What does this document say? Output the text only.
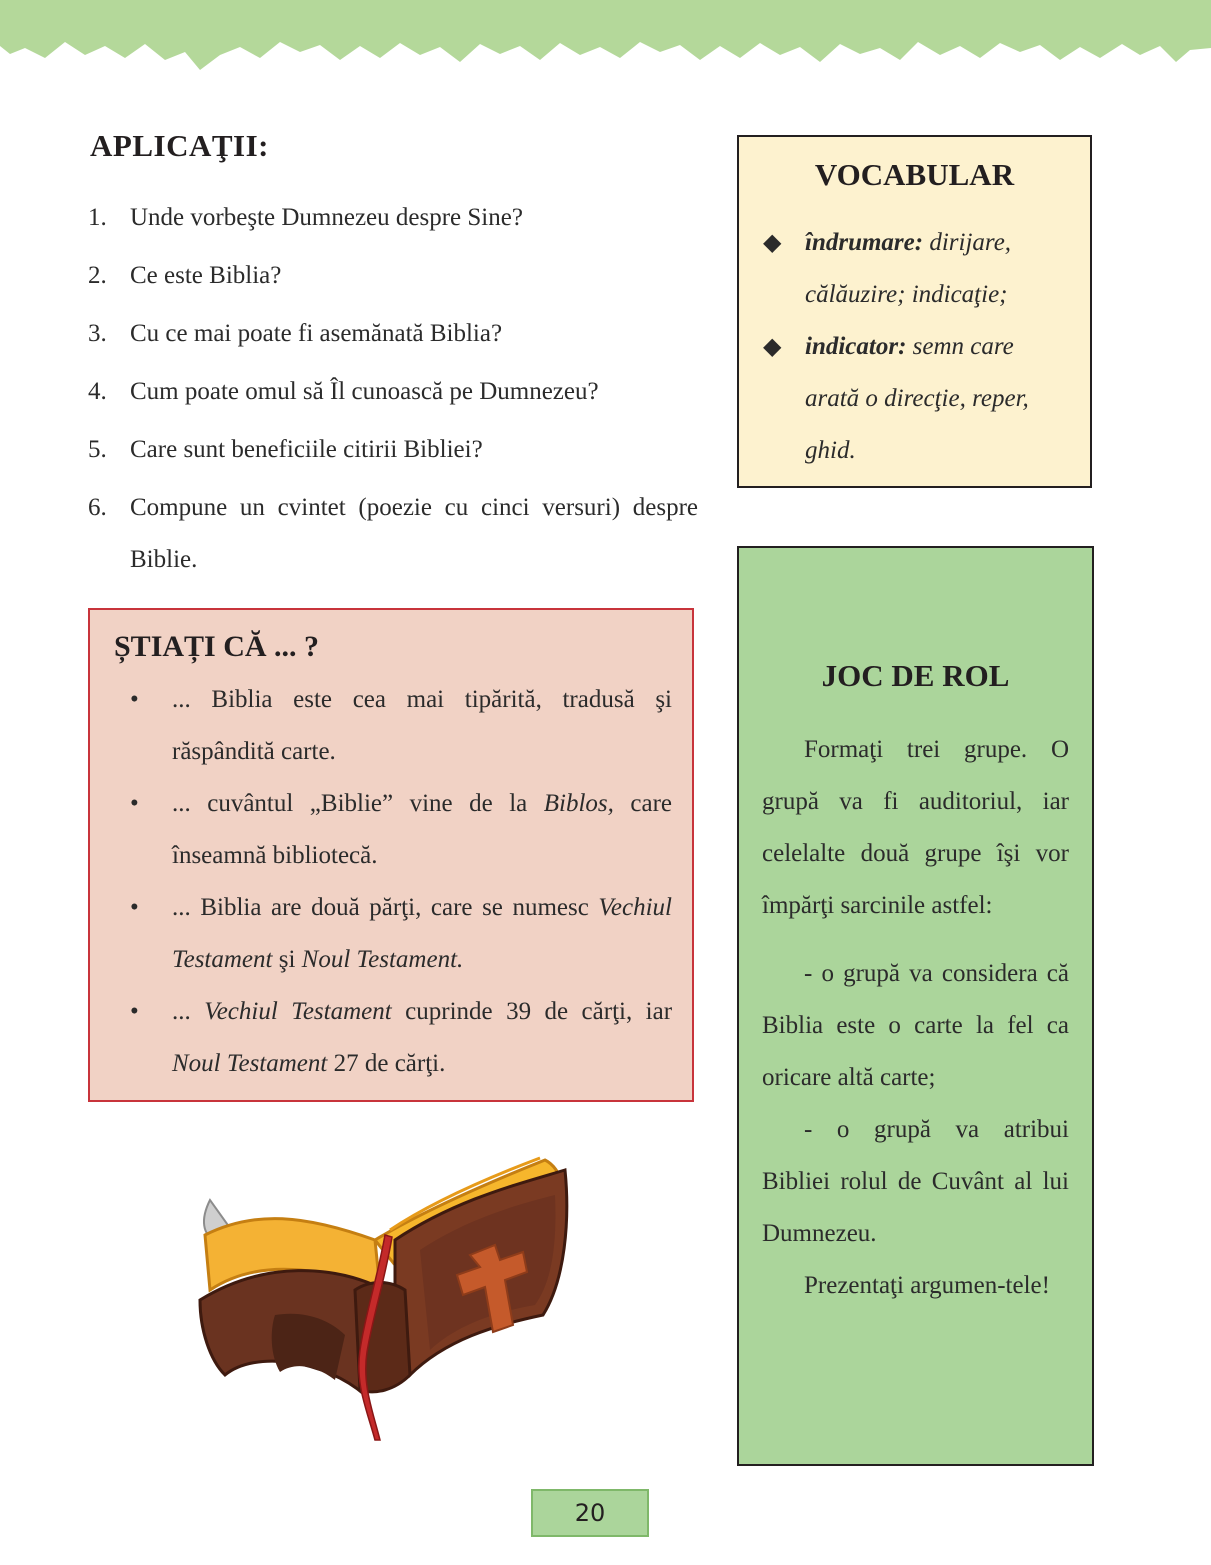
APLICAŢII:
1. Unde vorbeşte Dumnezeu despre Sine?
2. Ce este Biblia?
3. Cu ce mai poate fi asemănată Biblia?
4. Cum poate omul să Îl cunoască pe Dumnezeu?
5. Care sunt beneficiile citirii Bibliei?
6. Compune un cvintet (poezie cu cinci versuri) despre Biblie.
ȘTIAȚI CĂ ... ?
• ... Biblia este cea mai tipărită, tradusă şi răspândită carte.
• ... cuvântul „Biblie” vine de la Biblos, care înseamnă bibliotecă.
• ... Biblia are două părţi, care se numesc Vechiul Testament şi Noul Testament.
• ... Vechiul Testament cuprinde 39 de cărţi, iar Noul Testament 27 de cărţi.
VOCABULAR
◆ îndrumare: dirijare, călăuzire; indicaţie;
◆ indicator: semn care arată o direcţie, reper, ghid.
JOC DE ROL

Formaţi trei grupe. O grupă va fi auditoriul, iar celelalte două grupe îşi vor împărţi sarcinile astfel:

- o grupă va considera că Biblia este o carte la fel ca oricare altă carte;

- o grupă va atribui Bibliei rolul de Cuvânt al lui Dumnezeu.

Prezentaţi argumen-tele!

20
